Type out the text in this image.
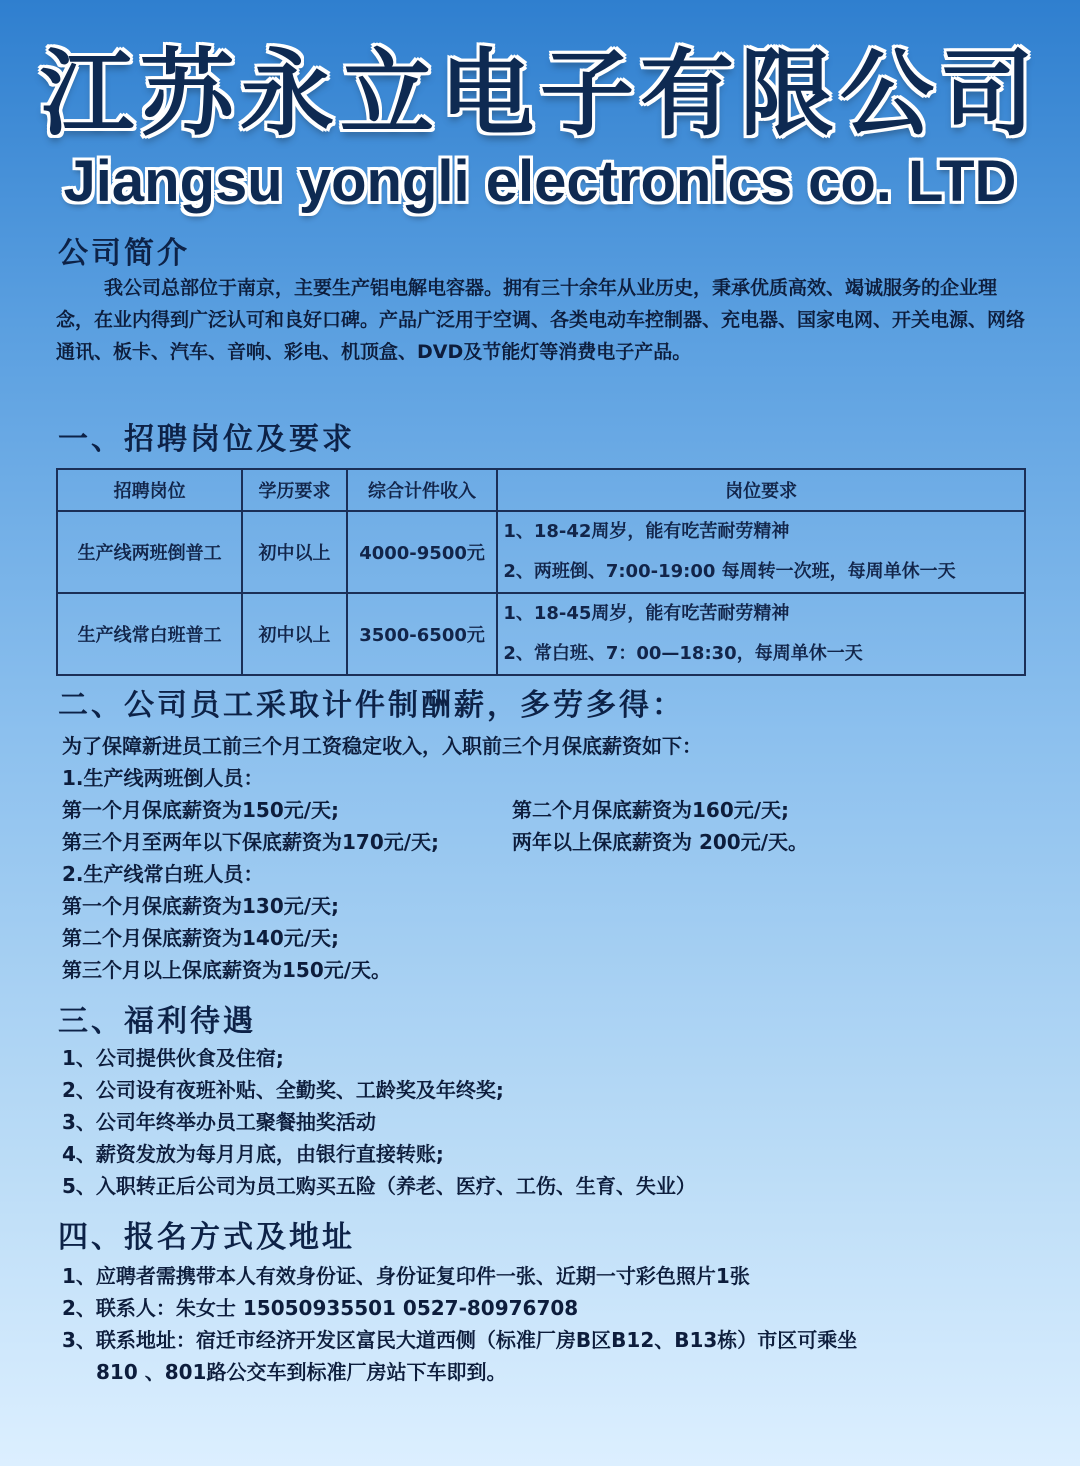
江苏永立电子有限公司
Jiangsu yongli electronics co. LTD
公司简介
我公司总部位于南京，主要生产铝电解电容器。拥有三十余年从业历史，秉承优质高效、竭诚服务的企业理念，在业内得到广泛认可和良好口碑。产品广泛用于空调、各类电动车控制器、充电器、国家电网、开关电源、网络通讯、板卡、汽车、音响、彩电、机顶盒、DVD及节能灯等消费电子产品。
一、招聘岗位及要求
招聘岗位	学历要求	综合计件收入	岗位要求
生产线两班倒普工	初中以上	4000-9500元	1、18-42周岁，能有吃苦耐劳精神
2、两班倒、7:00-19:00 每周转一次班，每周单休一天

生产线常白班普工	初中以上	3500-6500元	1、18-45周岁，能有吃苦耐劳精神
2、常白班、7：00—18:30，每周单休一天
二、公司员工采取计件制酬薪，多劳多得：
为了保障新进员工前三个月工资稳定收入，入职前三个月保底薪资如下：
1.生产线两班倒人员：
第一个月保底薪资为150元/天;	第二个月保底薪资为160元/天;
第三个月至两年以下保底薪资为170元/天;	两年以上保底薪资为 200元/天。
2.生产线常白班人员：
第一个月保底薪资为130元/天;
第二个月保底薪资为140元/天;
第三个月以上保底薪资为150元/天。
三、福利待遇
1、公司提供伙食及住宿;
2、公司设有夜班补贴、全勤奖、工龄奖及年终奖;
3、公司年终举办员工聚餐抽奖活动
4、薪资发放为每月月底，由银行直接转账;
5、入职转正后公司为员工购买五险（养老、医疗、工伤、生育、失业）
四、报名方式及地址
1、应聘者需携带本人有效身份证、身份证复印件一张、近期一寸彩色照片1张
2、联系人：朱女士 15050935501 0527-80976708
3、联系地址：宿迁市经济开发区富民大道西侧（标准厂房B区B12、B13栋）市区可乘坐
810 、801路公交车到标准厂房站下车即到。
